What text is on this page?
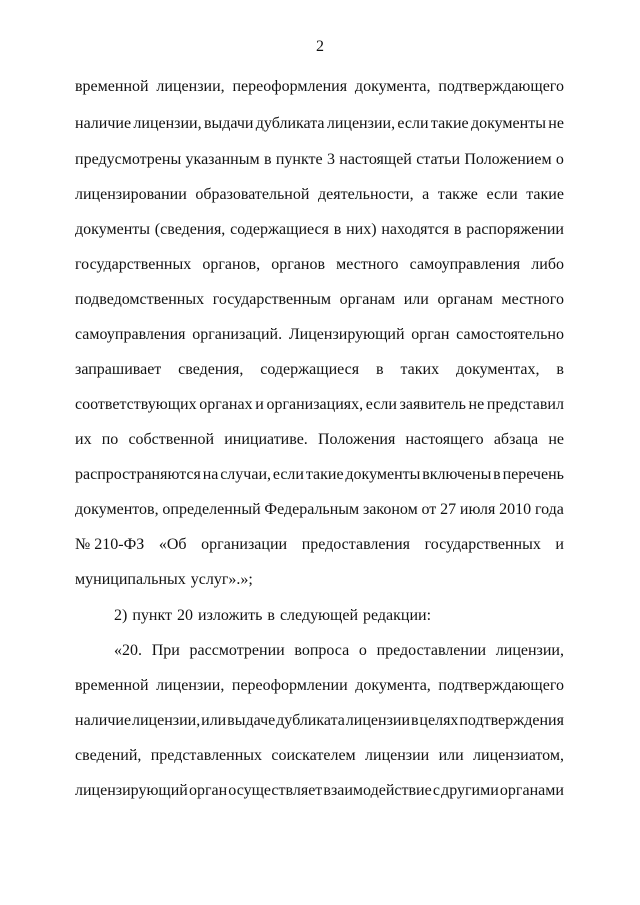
2
временной лицензии, переоформления документа, подтверждающего
наличие лицензии, выдачи дубликата лицензии, если такие документы не
предусмотрены указанным в пункте 3 настоящей статьи Положением о
лицензировании образовательной деятельности, а также если такие
документы (сведения, содержащиеся в них) находятся в распоряжении
государственных органов, органов местного самоуправления либо
подведомственных государственным органам или органам местного
самоуправления организаций. Лицензирующий орган самостоятельно
запрашивает сведения, содержащиеся в таких документах, в
соответствующих органах и организациях, если заявитель не представил
их по собственной инициативе. Положения настоящего абзаца не
распространяются на случаи, если такие документы включены в перечень
документов, определенный Федеральным законом от 27 июля 2010 года
№ 210-ФЗ «Об организации предоставления государственных и
муниципальных услуг».»;
2) пункт 20 изложить в следующей редакции:
«20. При рассмотрении вопроса о предоставлении лицензии,
временной лицензии, переоформлении документа, подтверждающего
наличие лицензии, или выдаче дубликата лицензии в целях подтверждения
сведений, представленных соискателем лицензии или лицензиатом,
лицензирующий орган осуществляет взаимодействие с другими органами
